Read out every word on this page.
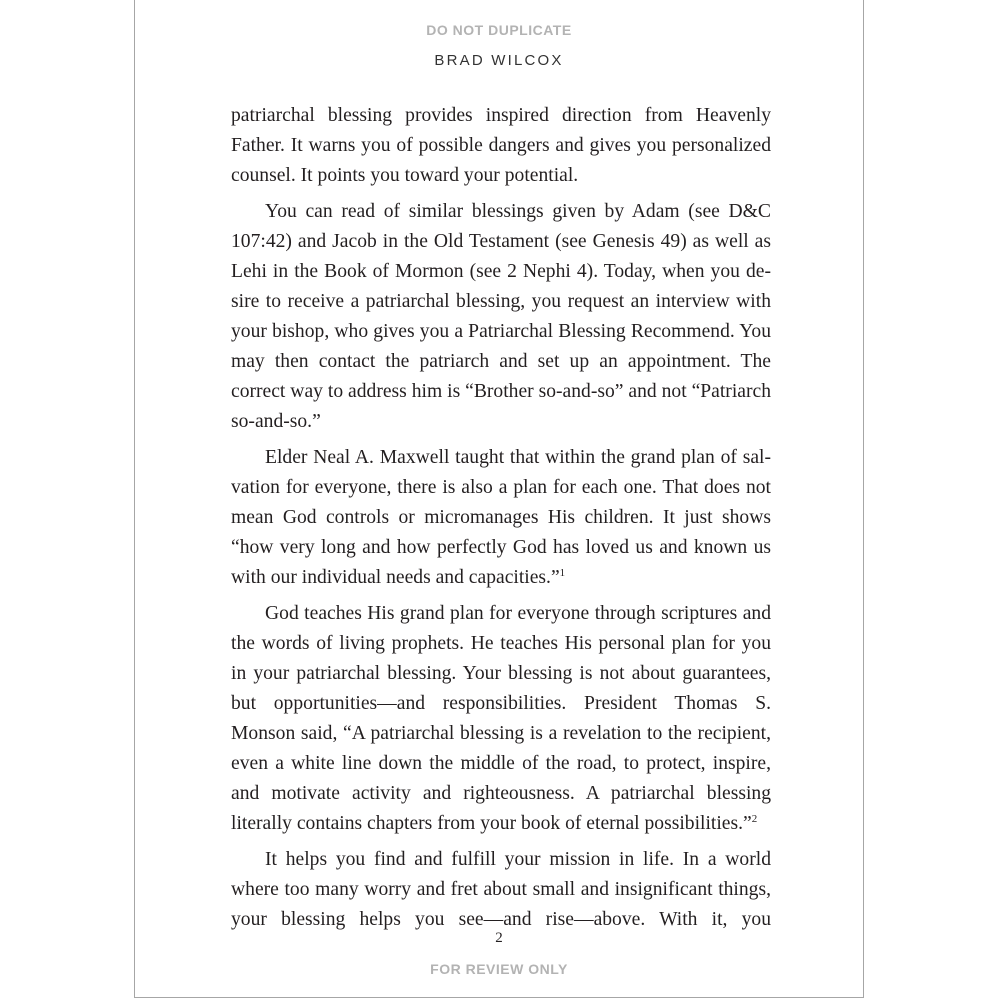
DO NOT DUPLICATE
BRAD WILCOX

patriarchal blessing provides inspired direction from Heavenly Father. It warns you of possible dangers and gives you personalized counsel. It points you toward your potential.

You can read of similar blessings given by Adam (see D&C 107:42) and Jacob in the Old Testament (see Genesis 49) as well as Lehi in the Book of Mormon (see 2 Nephi 4). Today, when you desire to receive a patriarchal blessing, you request an interview with your bishop, who gives you a Patriarchal Blessing Recommend. You may then contact the patriarch and set up an appointment. The correct way to address him is “Brother so-and-so” and not “Patriarch so-and-so.”

Elder Neal A. Maxwell taught that within the grand plan of salvation for everyone, there is also a plan for each one. That does not mean God controls or micromanages His children. It just shows “how very long and how perfectly God has loved us and known us with our individual needs and capacities.”$^1$

God teaches His grand plan for everyone through scriptures and the words of living prophets. He teaches His personal plan for you in your patriarchal blessing. Your blessing is not about guarantees, but opportunities—and responsibilities. President Thomas S. Monson said, “A patriarchal blessing is a revelation to the recipient, even a white line down the middle of the road, to protect, inspire, and motivate activity and righteousness. A patriarchal blessing literally contains chapters from your book of eternal possibilities.”$^2$

It helps you find and fulfill your mission in life. In a world where too many worry and fret about small and insignificant things, your blessing helps you see—and rise—above. With it, you

2
FOR REVIEW ONLY
